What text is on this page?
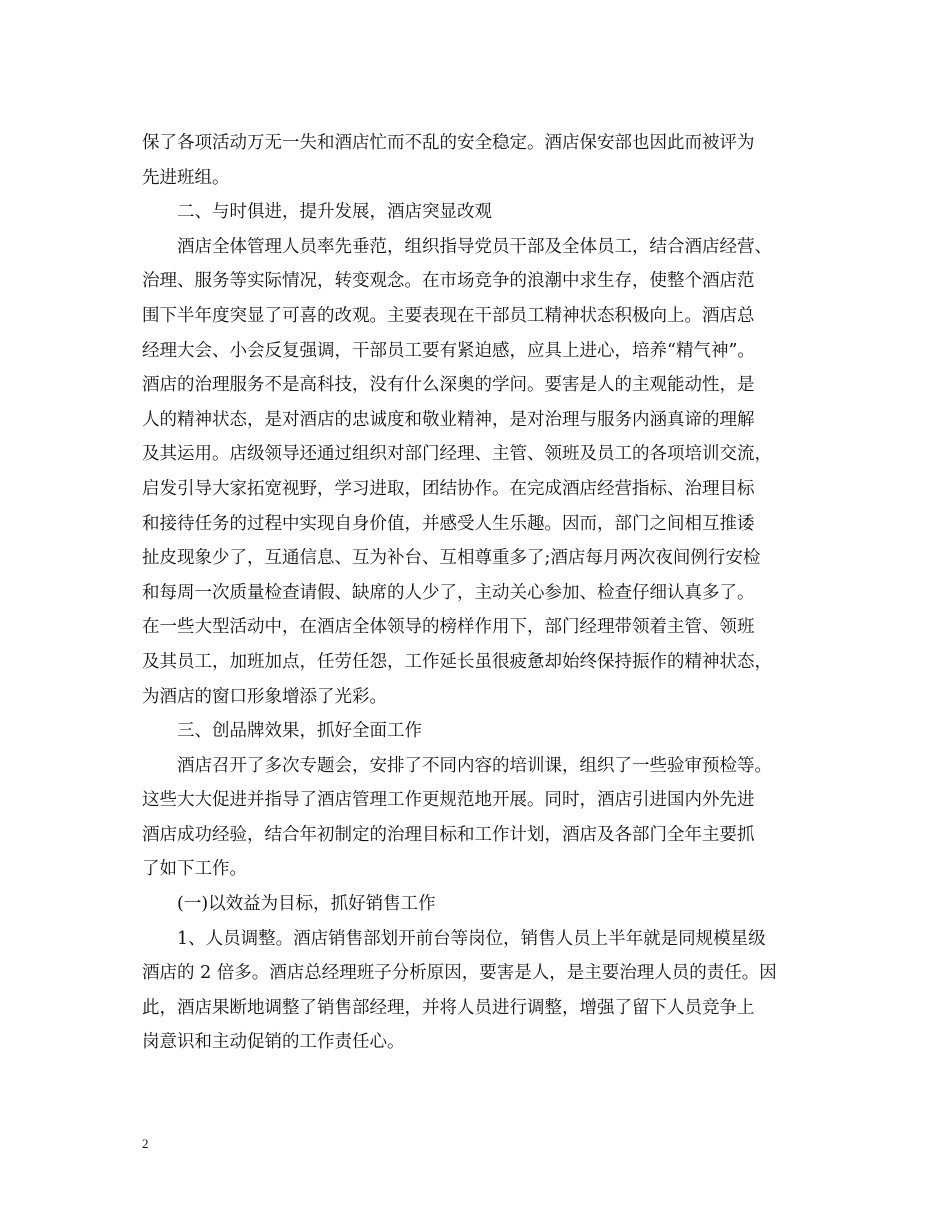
保了各项活动万无一失和酒店忙而不乱的安全稳定。酒店保安部也因此而被评为
先进班组。
二、与时俱进，提升发展，酒店突显改观
酒店全体管理人员率先垂范，组织指导党员干部及全体员工，结合酒店经营、
治理、服务等实际情况，转变观念。在市场竞争的浪潮中求生存，使整个酒店范
围下半年度突显了可喜的改观。主要表现在干部员工精神状态积极向上。酒店总
经理大会、小会反复强调，干部员工要有紧迫感，应具上进心，培养“精气神”。
酒店的治理服务不是高科技，没有什么深奥的学问。要害是人的主观能动性，是
人的精神状态，是对酒店的忠诚度和敬业精神，是对治理与服务内涵真谛的理解
及其运用。店级领导还通过组织对部门经理、主管、领班及员工的各项培训交流，
启发引导大家拓宽视野，学习进取，团结协作。在完成酒店经营指标、治理目标
和接待任务的过程中实现自身价值，并感受人生乐趣。因而，部门之间相互推诿
扯皮现象少了，互通信息、互为补台、互相尊重多了;酒店每月两次夜间例行安检
和每周一次质量检查请假、缺席的人少了，主动关心参加、检查仔细认真多了。
在一些大型活动中，在酒店全体领导的榜样作用下，部门经理带领着主管、领班
及其员工，加班加点，任劳任怨，工作延长虽很疲惫却始终保持振作的精神状态，
为酒店的窗口形象增添了光彩。
三、创品牌效果，抓好全面工作
酒店召开了多次专题会，安排了不同内容的培训课，组织了一些验审预检等。
这些大大促进并指导了酒店管理工作更规范地开展。同时，酒店引进国内外先进
酒店成功经验，结合年初制定的治理目标和工作计划，酒店及各部门全年主要抓
了如下工作。
(一)以效益为目标，抓好销售工作
1、人员调整。酒店销售部划开前台等岗位，销售人员上半年就是同规模星级
酒店的 2 倍多。酒店总经理班子分析原因，要害是人，是主要治理人员的责任。因
此，酒店果断地调整了销售部经理，并将人员进行调整，增强了留下人员竞争上
岗意识和主动促销的工作责任心。
2
